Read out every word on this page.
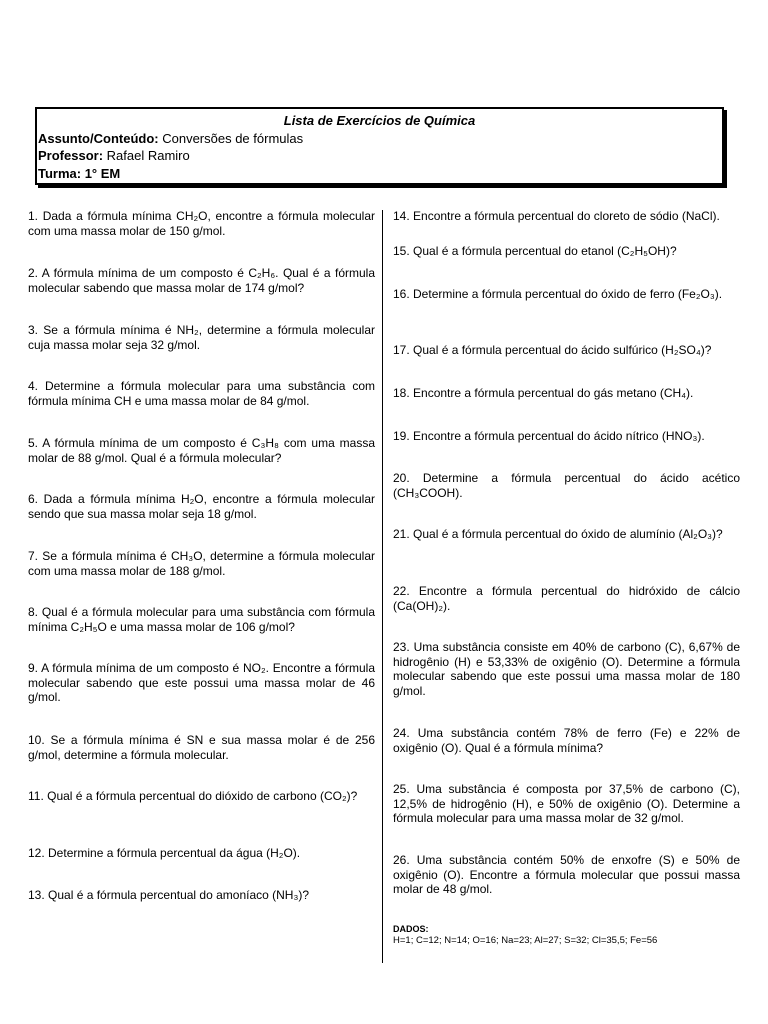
Lista de Exercícios de Química
Assunto/Conteúdo: Conversões de fórmulas
Professor: Rafael Ramiro
Turma: 1° EM
1. Dada a fórmula mínima CH₂O, encontre a fórmula molecular com uma massa molar de 150 g/mol.
2. A fórmula mínima de um composto é C₂H₆. Qual é a fórmula molecular sabendo que massa molar de 174 g/mol?
3. Se a fórmula mínima é NH₂, determine a fórmula molecular cuja massa molar seja 32 g/mol.
4. Determine a fórmula molecular para uma substância com fórmula mínima CH e uma massa molar de 84 g/mol.
5. A fórmula mínima de um composto é C₃H₈ com uma massa molar de 88 g/mol. Qual é a fórmula molecular?
6. Dada a fórmula mínima H₂O, encontre a fórmula molecular sendo que sua massa molar seja 18 g/mol.
7. Se a fórmula mínima é CH₃O, determine a fórmula molecular com uma massa molar de 188 g/mol.
8. Qual é a fórmula molecular para uma substância com fórmula mínima C₂H₅O e uma massa molar de 106 g/mol?
9. A fórmula mínima de um composto é NO₂. Encontre a fórmula molecular sabendo que este possui uma massa molar de 46 g/mol.
10. Se a fórmula mínima é SN e sua massa molar é de 256 g/mol, determine a fórmula molecular.
11. Qual é a fórmula percentual do dióxido de carbono (CO₂)?
12. Determine a fórmula percentual da água (H₂O).
13. Qual é a fórmula percentual do amoníaco (NH₃)?
14. Encontre a fórmula percentual do cloreto de sódio (NaCl).
15. Qual é a fórmula percentual do etanol (C₂H₅OH)?
16. Determine a fórmula percentual do óxido de ferro (Fe₂O₃).
17. Qual é a fórmula percentual do ácido sulfúrico (H₂SO₄)?
18. Encontre a fórmula percentual do gás metano (CH₄).
19. Encontre a fórmula percentual do ácido nítrico (HNO₃).
20. Determine a fórmula percentual do ácido acético (CH₃COOH).
21. Qual é a fórmula percentual do óxido de alumínio (Al₂O₃)?
22. Encontre a fórmula percentual do hidróxido de cálcio (Ca(OH)₂).
23. Uma substância consiste em 40% de carbono (C), 6,67% de hidrogênio (H) e 53,33% de oxigênio (O). Determine a fórmula molecular sabendo que este possui uma massa molar de 180 g/mol.
24. Uma substância contém 78% de ferro (Fe) e 22% de oxigênio (O). Qual é a fórmula mínima?
25. Uma substância é composta por 37,5% de carbono (C), 12,5% de hidrogênio (H), e 50% de oxigênio (O). Determine a fórmula molecular para uma massa molar de 32 g/mol.
26. Uma substância contém 50% de enxofre (S) e 50% de oxigênio (O). Encontre a fórmula molecular que possui massa molar de 48 g/mol.
DADOS:
H=1; C=12; N=14; O=16; Na=23; Al=27; S=32; Cl=35,5; Fe=56
